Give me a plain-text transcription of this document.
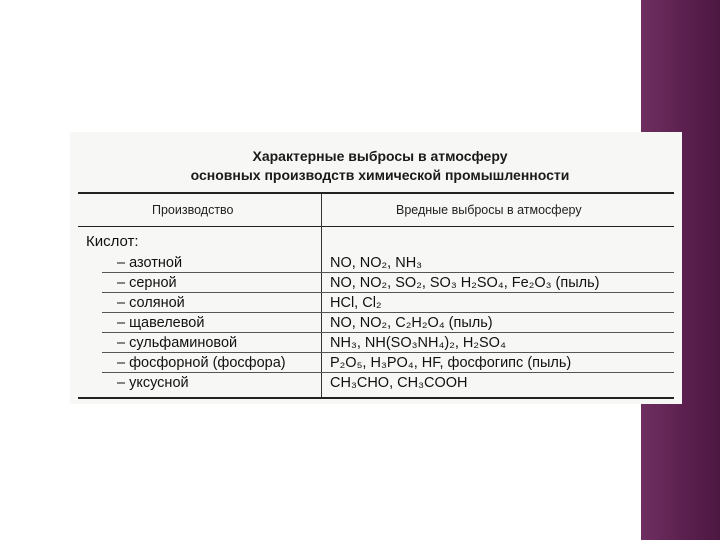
Характерные выбросы в атмосферу
основных производств химической промышленности
Производство	Вредные выбросы в атмосферу
Кислот:
– азотной	NO, NO₂, NH₃
– серной	NO, NO₂, SO₂, SO₃ H₂SO₄, Fe₂O₃ (пыль)
– соляной	HCl, Cl₂
– щавелевой	NO, NO₂, C₂H₂O₄ (пыль)
– сульфаминовой	NH₃, NH(SO₃NH₄)₂, H₂SO₄
– фосфорной (фосфора)	P₂O₅, H₃PO₄, HF, фосфогипс (пыль)
– уксусной	CH₃CHO, CH₃COOH
